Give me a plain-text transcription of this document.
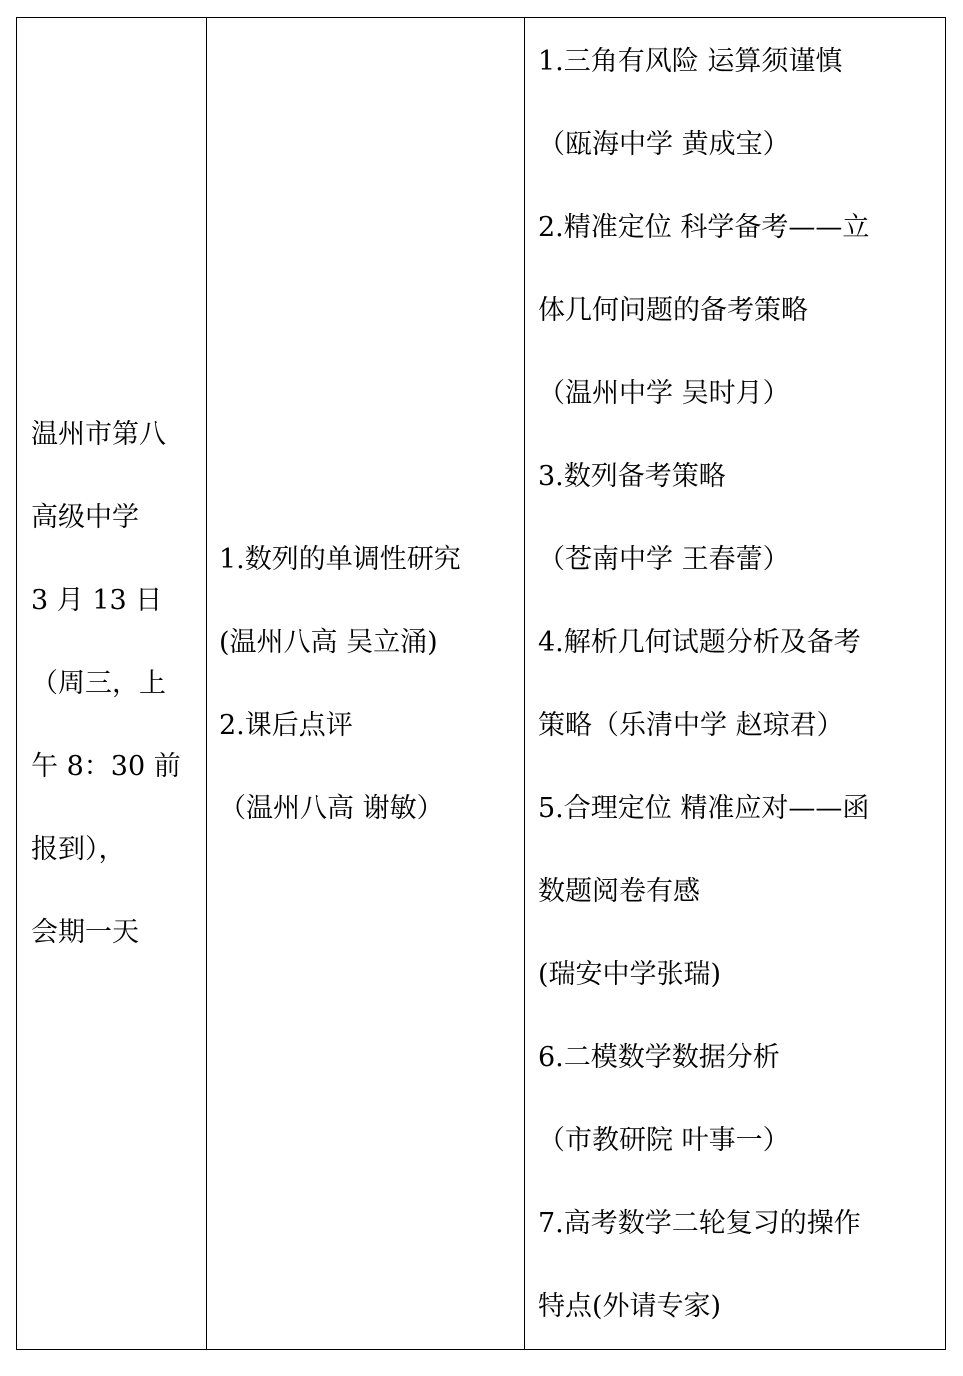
温州市第八
高级中学
3 月 13 日
（周三，上
午 8：30 前
报到），
会期一天

1.数列的单调性研究
(温州八高 吴立涌)
2.课后点评
（温州八高 谢敏）

1.三角有风险 运算须谨慎
（瓯海中学 黄成宝）
2.精准定位 科学备考——立
体几何问题的备考策略
（温州中学 吴时月）
3.数列备考策略
（苍南中学 王春蕾）
4.解析几何试题分析及备考
策略（乐清中学 赵琼君）
5.合理定位 精准应对——函
数题阅卷有感
(瑞安中学张瑞)
6.二模数学数据分析
（市教研院 叶事一）
7.高考数学二轮复习的操作
特点(外请专家)
